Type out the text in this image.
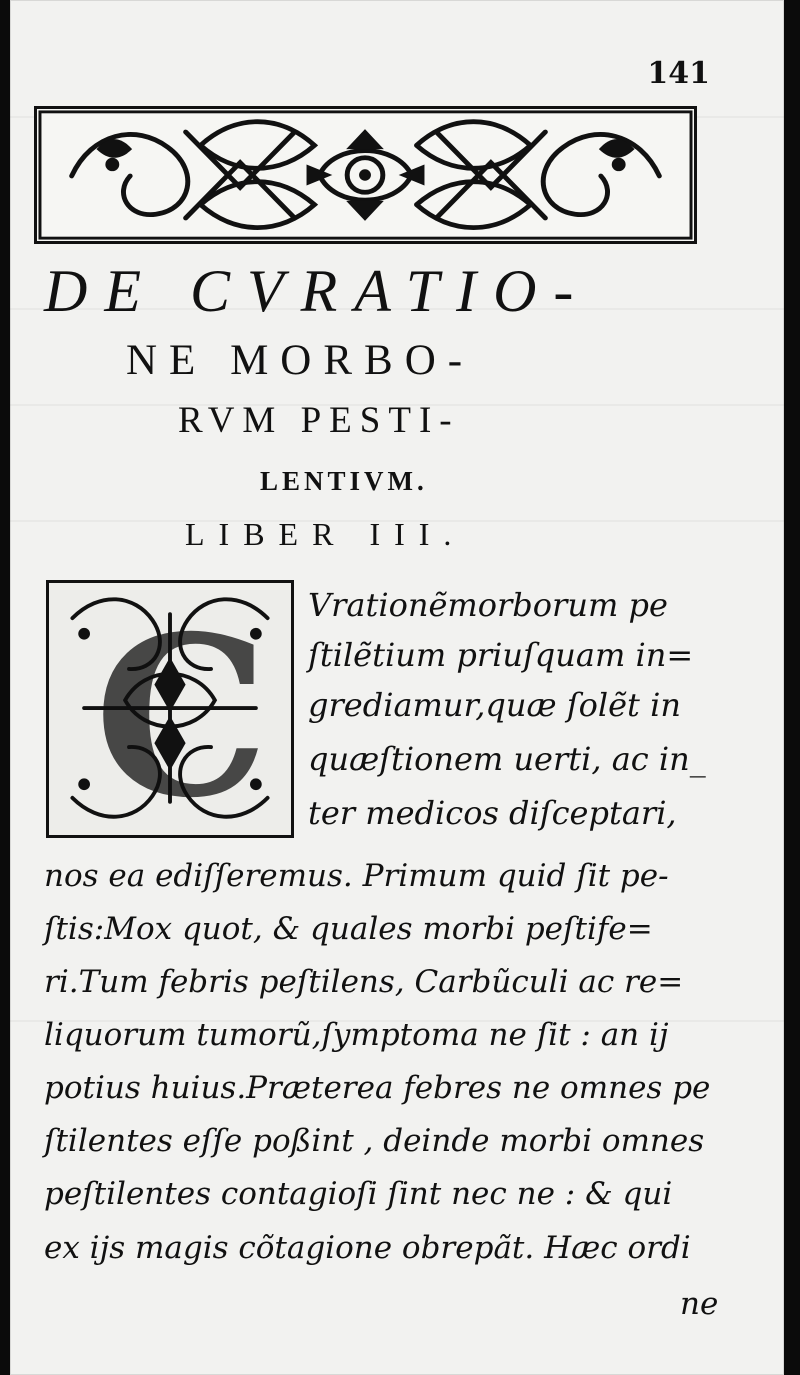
141
DE CVRATIO-
NE MORBO-
RVM PESTI-
LENTIVM.
LIBER III.
C Vrationẽmorborum pe
ſtilẽtium priuſquam in=
grediamur,quæ ſolẽt in
quæſtionem uerti, ac in_
ter medicos diſceptari,
nos ea ediſſeremus. Primum quid ſit pe-
ſtis:Mox quot, & quales morbi peſtife=
ri.Tum febris peſtilens, Carbũculi ac re=
liquorum tumorũ,ſymptoma ne ſit : an ij
potius huius.Præterea febres ne omnes pe
ſtilentes eſſe poßint , deinde morbi omnes
peſtilentes contagioſi ſint nec ne : & qui
ex ijs magis cõtagione obrepãt. Hæc ordi
ne
